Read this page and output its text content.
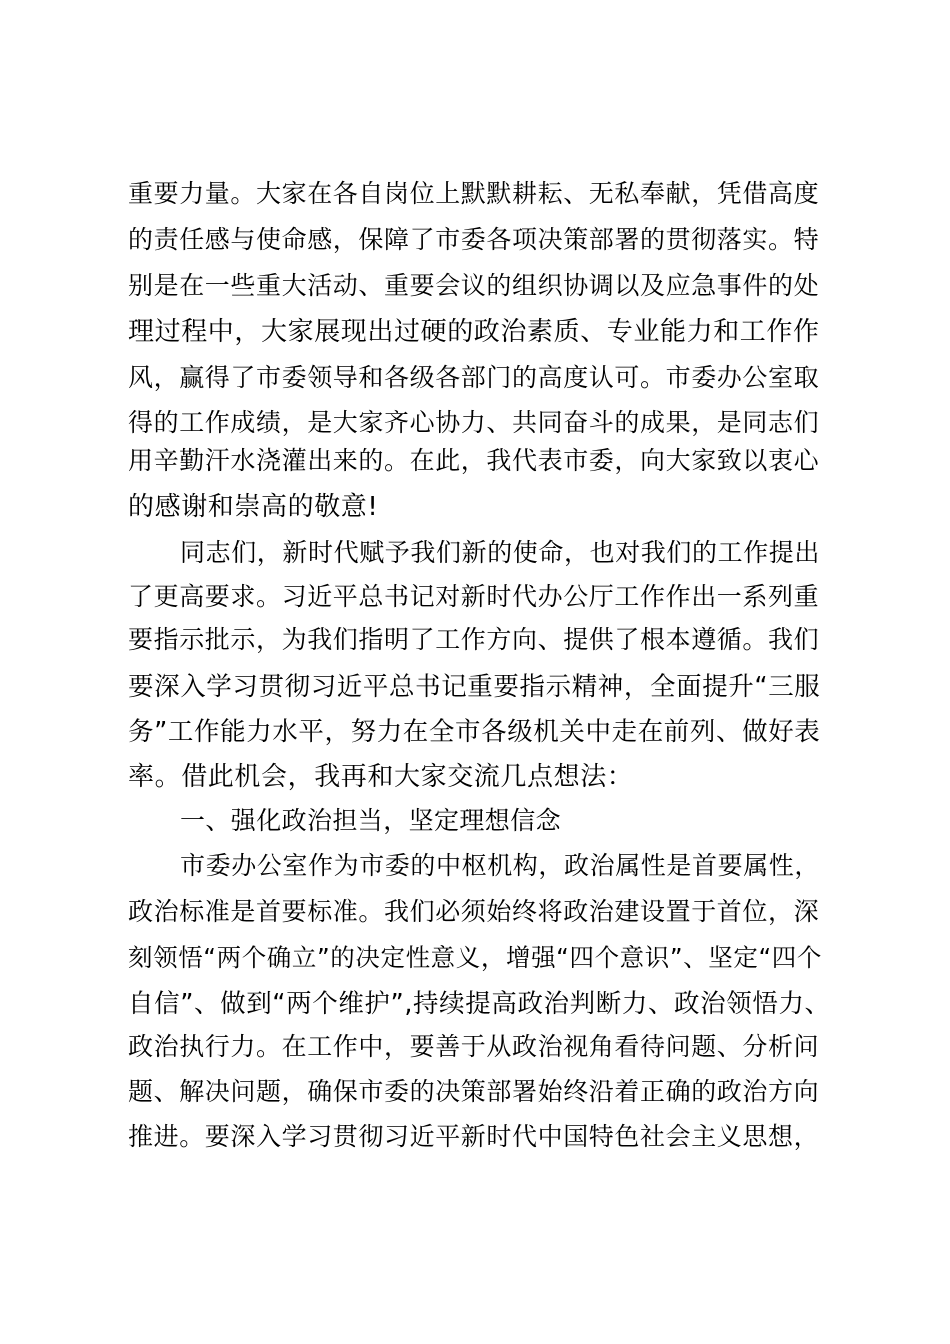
重要力量。大家在各自岗位上默默耕耘、无私奉献，凭借高度
的责任感与使命感，保障了市委各项决策部署的贯彻落实。特
别是在一些重大活动、重要会议的组织协调以及应急事件的处
理过程中，大家展现出过硬的政治素质、专业能力和工作作
风，赢得了市委领导和各级各部门的高度认可。市委办公室取
得的工作成绩，是大家齐心协力、共同奋斗的成果，是同志们
用辛勤汗水浇灌出来的。在此，我代表市委，向大家致以衷心
的感谢和崇高的敬意!
同志们，新时代赋予我们新的使命，也对我们的工作提出
了更高要求。习近平总书记对新时代办公厅工作作出一系列重
要指示批示，为我们指明了工作方向、提供了根本遵循。我们
要深入学习贯彻习近平总书记重要指示精神，全面提升“三服
务”工作能力水平，努力在全市各级机关中走在前列、做好表
率。借此机会，我再和大家交流几点想法：
一、强化政治担当，坚定理想信念
市委办公室作为市委的中枢机构，政治属性是首要属性，
政治标准是首要标准。我们必须始终将政治建设置于首位，深
刻领悟“两个确立”的决定性意义，增强“四个意识”、坚定“四个
自信”、做到“两个维护”,持续提高政治判断力、政治领悟力、
政治执行力。在工作中，要善于从政治视角看待问题、分析问
题、解决问题，确保市委的决策部署始终沿着正确的政治方向
推进。要深入学习贯彻习近平新时代中国特色社会主义思想，
